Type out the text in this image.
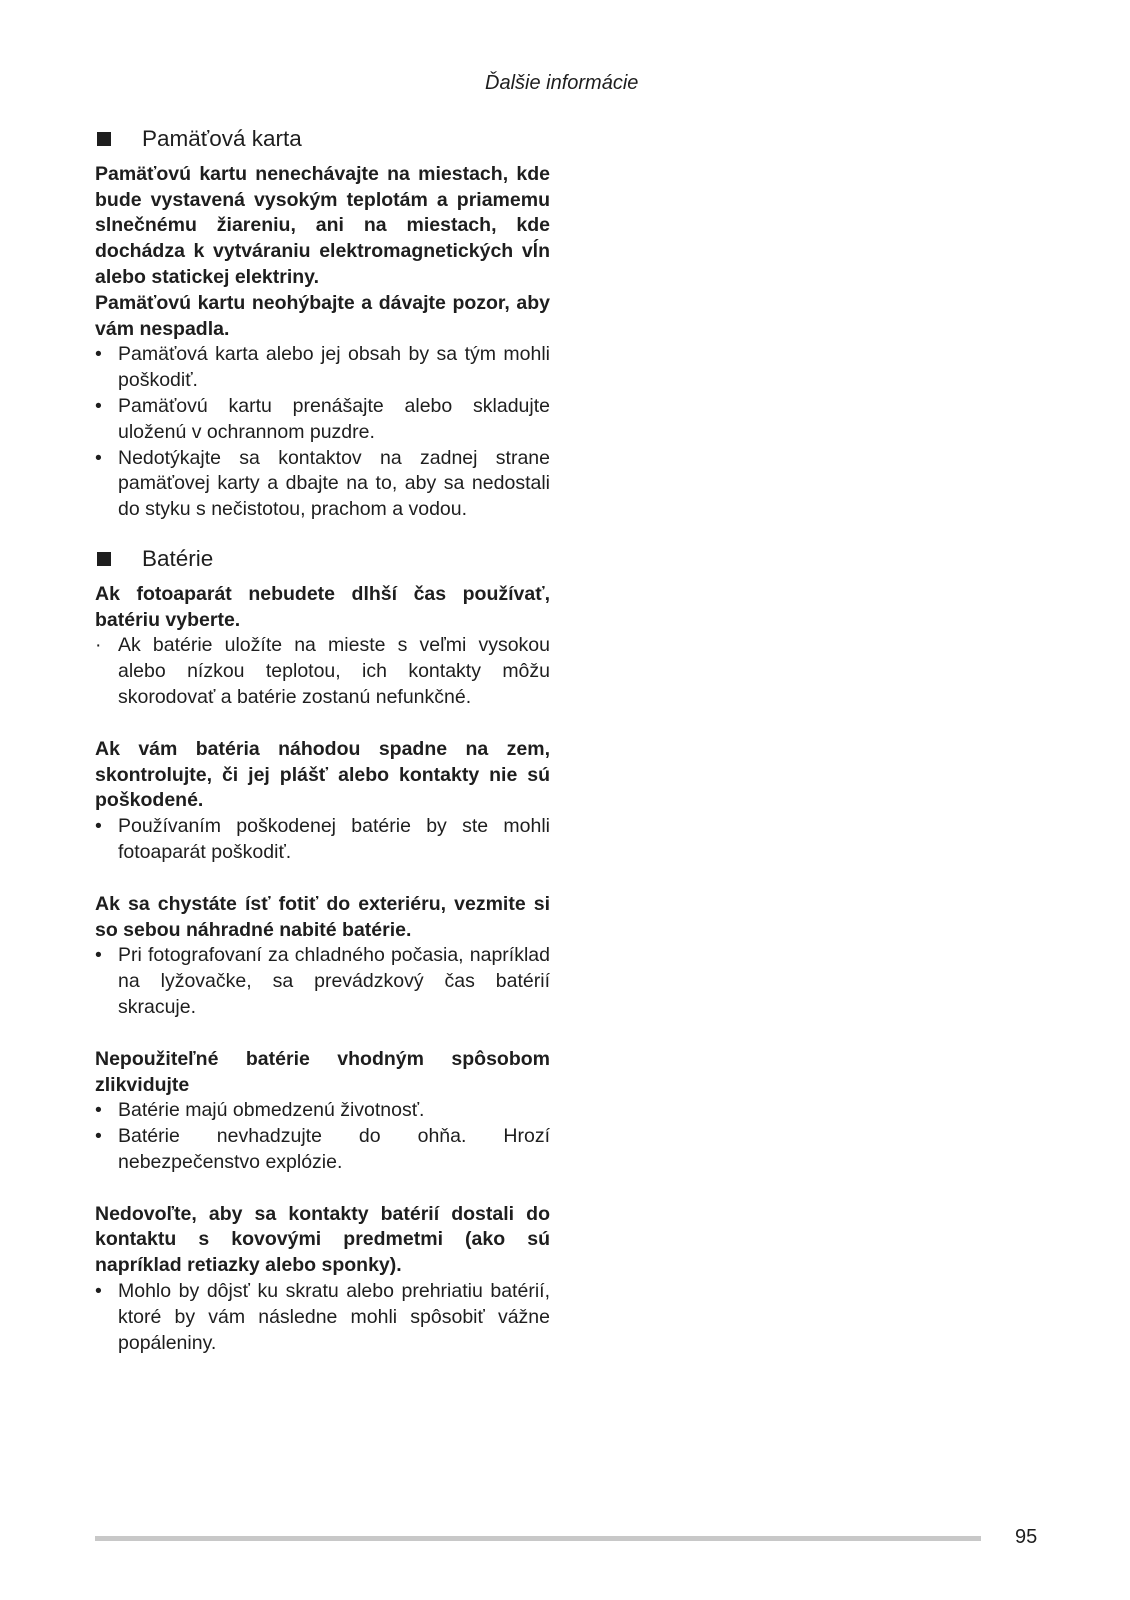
Ďalšie informácie
Pamäťová karta

Pamäťovú kartu nenechávajte na miestach, kde bude vystavená vysokým teplotám a priamemu slnečnému žiareniu, ani na miestach, kde dochádza k vytváraniu elektromagnetických vĺn alebo statickej elektriny.

Pamäťovú kartu neohýbajte a dávajte pozor, aby vám nespadla.

• Pamäťová karta alebo jej obsah by sa tým mohli poškodiť.
• Pamäťovú kartu prenášajte alebo skladujte uloženú v ochrannom puzdre.
• Nedotýkajte sa kontaktov na zadnej strane pamäťovej karty a dbajte na to, aby sa nedostali do styku s nečistotou, prachom a vodou.
Batérie

Ak fotoaparát nebudete dlhší čas používať, batériu vyberte.

· Ak batérie uložíte na mieste s veľmi vysokou alebo nízkou teplotou, ich kontakty môžu skorodovať a batérie zostanú nefunkčné.

Ak vám batéria náhodou spadne na zem, skontrolujte, či jej plášť alebo kontakty nie sú poškodené.

• Používaním poškodenej batérie by ste mohli fotoaparát poškodiť.

Ak sa chystáte ísť fotiť do exteriéru, vezmite si so sebou náhradné nabité batérie.

• Pri fotografovaní za chladného počasia, napríklad na lyžovačke, sa prevádzkový čas batérií skracuje.

Nepoužiteľné batérie vhodným spôsobom zlikvidujte

• Batérie majú obmedzenú životnosť.
• Batérie nevhadzujte do ohňa. Hrozí nebezpečenstvo explózie.

Nedovoľte, aby sa kontakty batérií dostali do kontaktu s kovovými predmetmi (ako sú napríklad retiazky alebo sponky).

• Mohlo by dôjsť ku skratu alebo prehriatiu batérií, ktoré by vám následne mohli spôsobiť vážne popáleniny.
95
